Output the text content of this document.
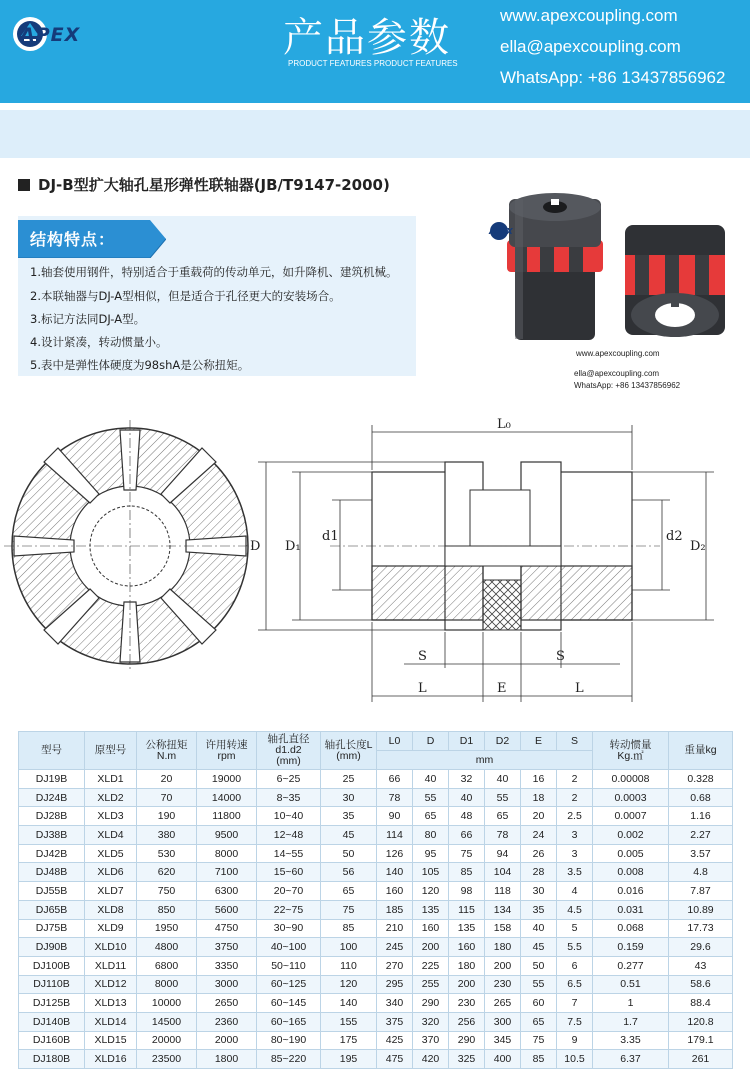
APEX	产品参数
PRODUCT FEATURES PRODUCT FEATURES
www.apexcoupling.com
ella@apexcoupling.com
WhatsApp: +86 13437856962
DJ-B型扩大轴孔星形弹性联轴器(JB/T9147-2000)
结构特点：
1.轴套使用钢件，特别适合于重载荷的传动单元，如升降机、建筑机械。
2.本联轴器与DJ-A型相似，但是适合于孔径更大的安装场合。
3.标记方法同DJ-A型。
4.设计紧凑，转动惯量小。
5.表中是弹性体硬度为98shA是公称扭矩。
APEX
www.apexcoupling.com
ella@apexcoupling.com
WhatsApp: +86 13437856962
L₀
D D₁
d1	d2
D₂
S	S
L	E	L
型号	原型号	公称扭矩
N.m	许用转速
rpm	轴孔直径
d1.d2
(mm)	轴孔长度L
(mm)	L0	D	D1	D2	E	S	转动惯量
Kg.㎡	重量kg
						mm							
DJ19B	XLD1	20	19000	6~25	25	66	40	32	40	16	2	0.00008	0.328
DJ24B	XLD2	70	14000	8~35	30	78	55	40	55	18	2	0.0003	0.68
DJ28B	XLD3	190	11800	10~40	35	90	65	48	65	20	2.5	0.0007	1.16
DJ38B	XLD4	380	9500	12~48	45	114	80	66	78	24	3	0.002	2.27
DJ42B	XLD5	530	8000	14~55	50	126	95	75	94	26	3	0.005	3.57
DJ48B	XLD6	620	7100	15~60	56	140	105	85	104	28	3.5	0.008	4.8
DJ55B	XLD7	750	6300	20~70	65	160	120	98	118	30	4	0.016	7.87
DJ65B	XLD8	850	5600	22~75	75	185	135	115	134	35	4.5	0.031	10.89
DJ75B	XLD9	1950	4750	30~90	85	210	160	135	158	40	5	0.068	17.73
DJ90B	XLD10	4800	3750	40~100	100	245	200	160	180	45	5.5	0.159	29.6
DJ100B	XLD11	6800	3350	50~110	110	270	225	180	200	50	6	0.277	43
DJ110B	XLD12	8000	3000	60~125	120	295	255	200	230	55	6.5	0.51	58.6
DJ125B	XLD13	10000	2650	60~145	140	340	290	230	265	60	7	1	88.4
DJ140B	XLD14	14500	2360	60~165	155	375	320	256	300	65	7.5	1.7	120.8
DJ160B	XLD15	20000	2000	80~190	175	425	370	290	345	75	9	3.35	179.1
DJ180B	XLD16	23500	1800	85~220	195	475	420	325	400	85	10.5	6.37	261
